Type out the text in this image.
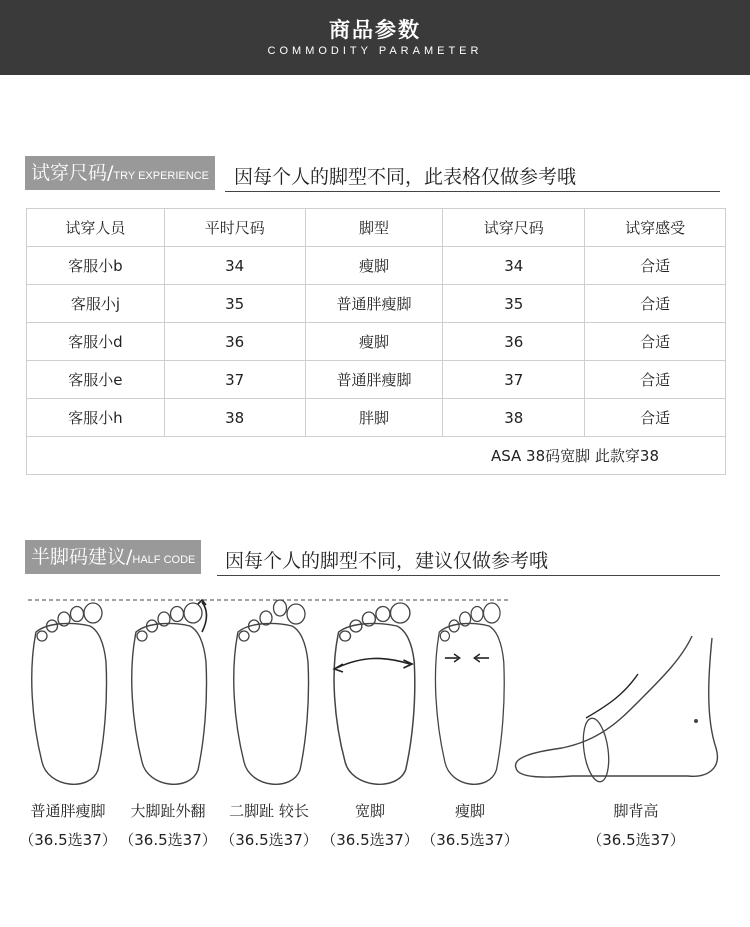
商品参数
COMMODITY PARAMETER
试穿尺码/TRY EXPERIENCE	因每个人的脚型不同，此表格仅做参考哦
试穿人员	平时尺码	脚型	试穿尺码	试穿感受
客服小b	34	瘦脚	34	合适
客服小j	35	普通胖瘦脚	35	合适
客服小d	36	瘦脚	36	合适
客服小e	37	普通胖瘦脚	37	合适
客服小h	38	胖脚	38	合适
ASA 38码宽脚 此款穿38				
半脚码建议/HALF CODE	因每个人的脚型不同，建议仅做参考哦
普通胖瘦脚
（36.5选37）
大脚趾外翻
（36.5选37）
二脚趾 较长
（36.5选37）
宽脚
（36.5选37）
瘦脚
（36.5选37）
脚背高
（36.5选37）
